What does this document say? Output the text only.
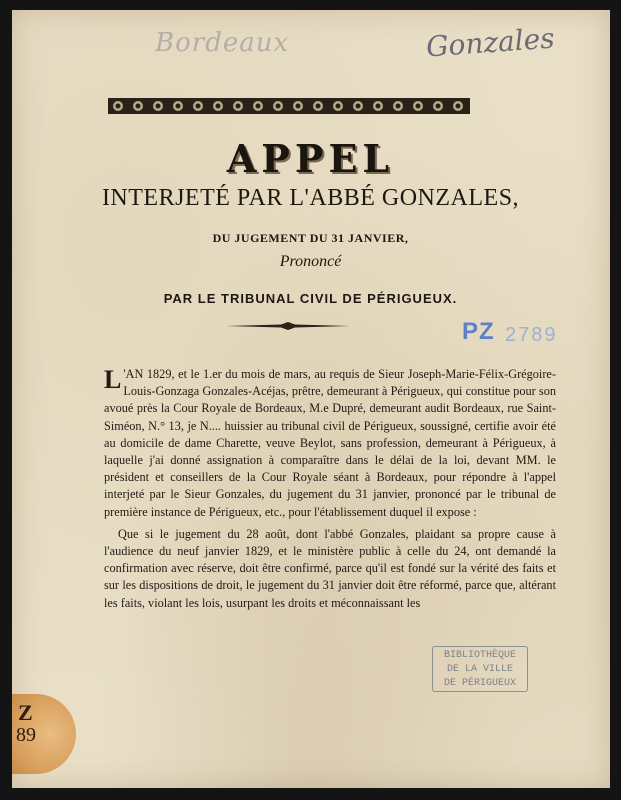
Bordeaux	Gonzales
APPEL
INTERJETÉ PAR L'ABBÉ GONZALES,
DU JUGEMENT DU 31 JANVIER,
Prononcé
PAR LE TRIBUNAL CIVIL DE PÉRIGUEUX.
PZ 2789

L 'AN 1829, et le 1.er du mois de mars, au requis de Sieur Joseph-Marie-Félix-Grégoire-Louis-Gonzaga Gonzales-Acéjas, prêtre, demeurant à Périgueux, qui constitue pour son avoué près la Cour Royale de Bordeaux, M.e Dupré, demeurant audit Bordeaux, rue Saint-Siméon, N.° 13, je N.... huissier au tribunal civil de Périgueux, soussigné, certifie avoir été au domicile de dame Charette, veuve Beylot, sans profession, demeurant à Périgueux, à laquelle j'ai donné assignation à comparaître dans le délai de la loi, devant MM. le président et conseillers de la Cour Royale séant à Bordeaux, pour répondre à l'appel interjeté par le Sieur Gonzales, du jugement du 31 janvier, prononcé par le tribunal de première instance de Périgueux, etc., pour l'établissement duquel il expose :

Que si le jugement du 28 août, dont l'abbé Gonzales, plaidant sa propre cause à l'audience du neuf janvier 1829, et le ministère public à celle du 24, ont demandé la confirmation avec réserve, doit être confirmé, parce qu'il est fondé sur la vérité des faits et sur les dispositions de droit, le jugement du 31 janvier doit être réformé, parce que, altérant les faits, violant les lois, usurpant les droits et méconnaissant les

BIBLIOTHÈQUE
DE LA VILLE
DE PÉRIGUEUX
Z
89
